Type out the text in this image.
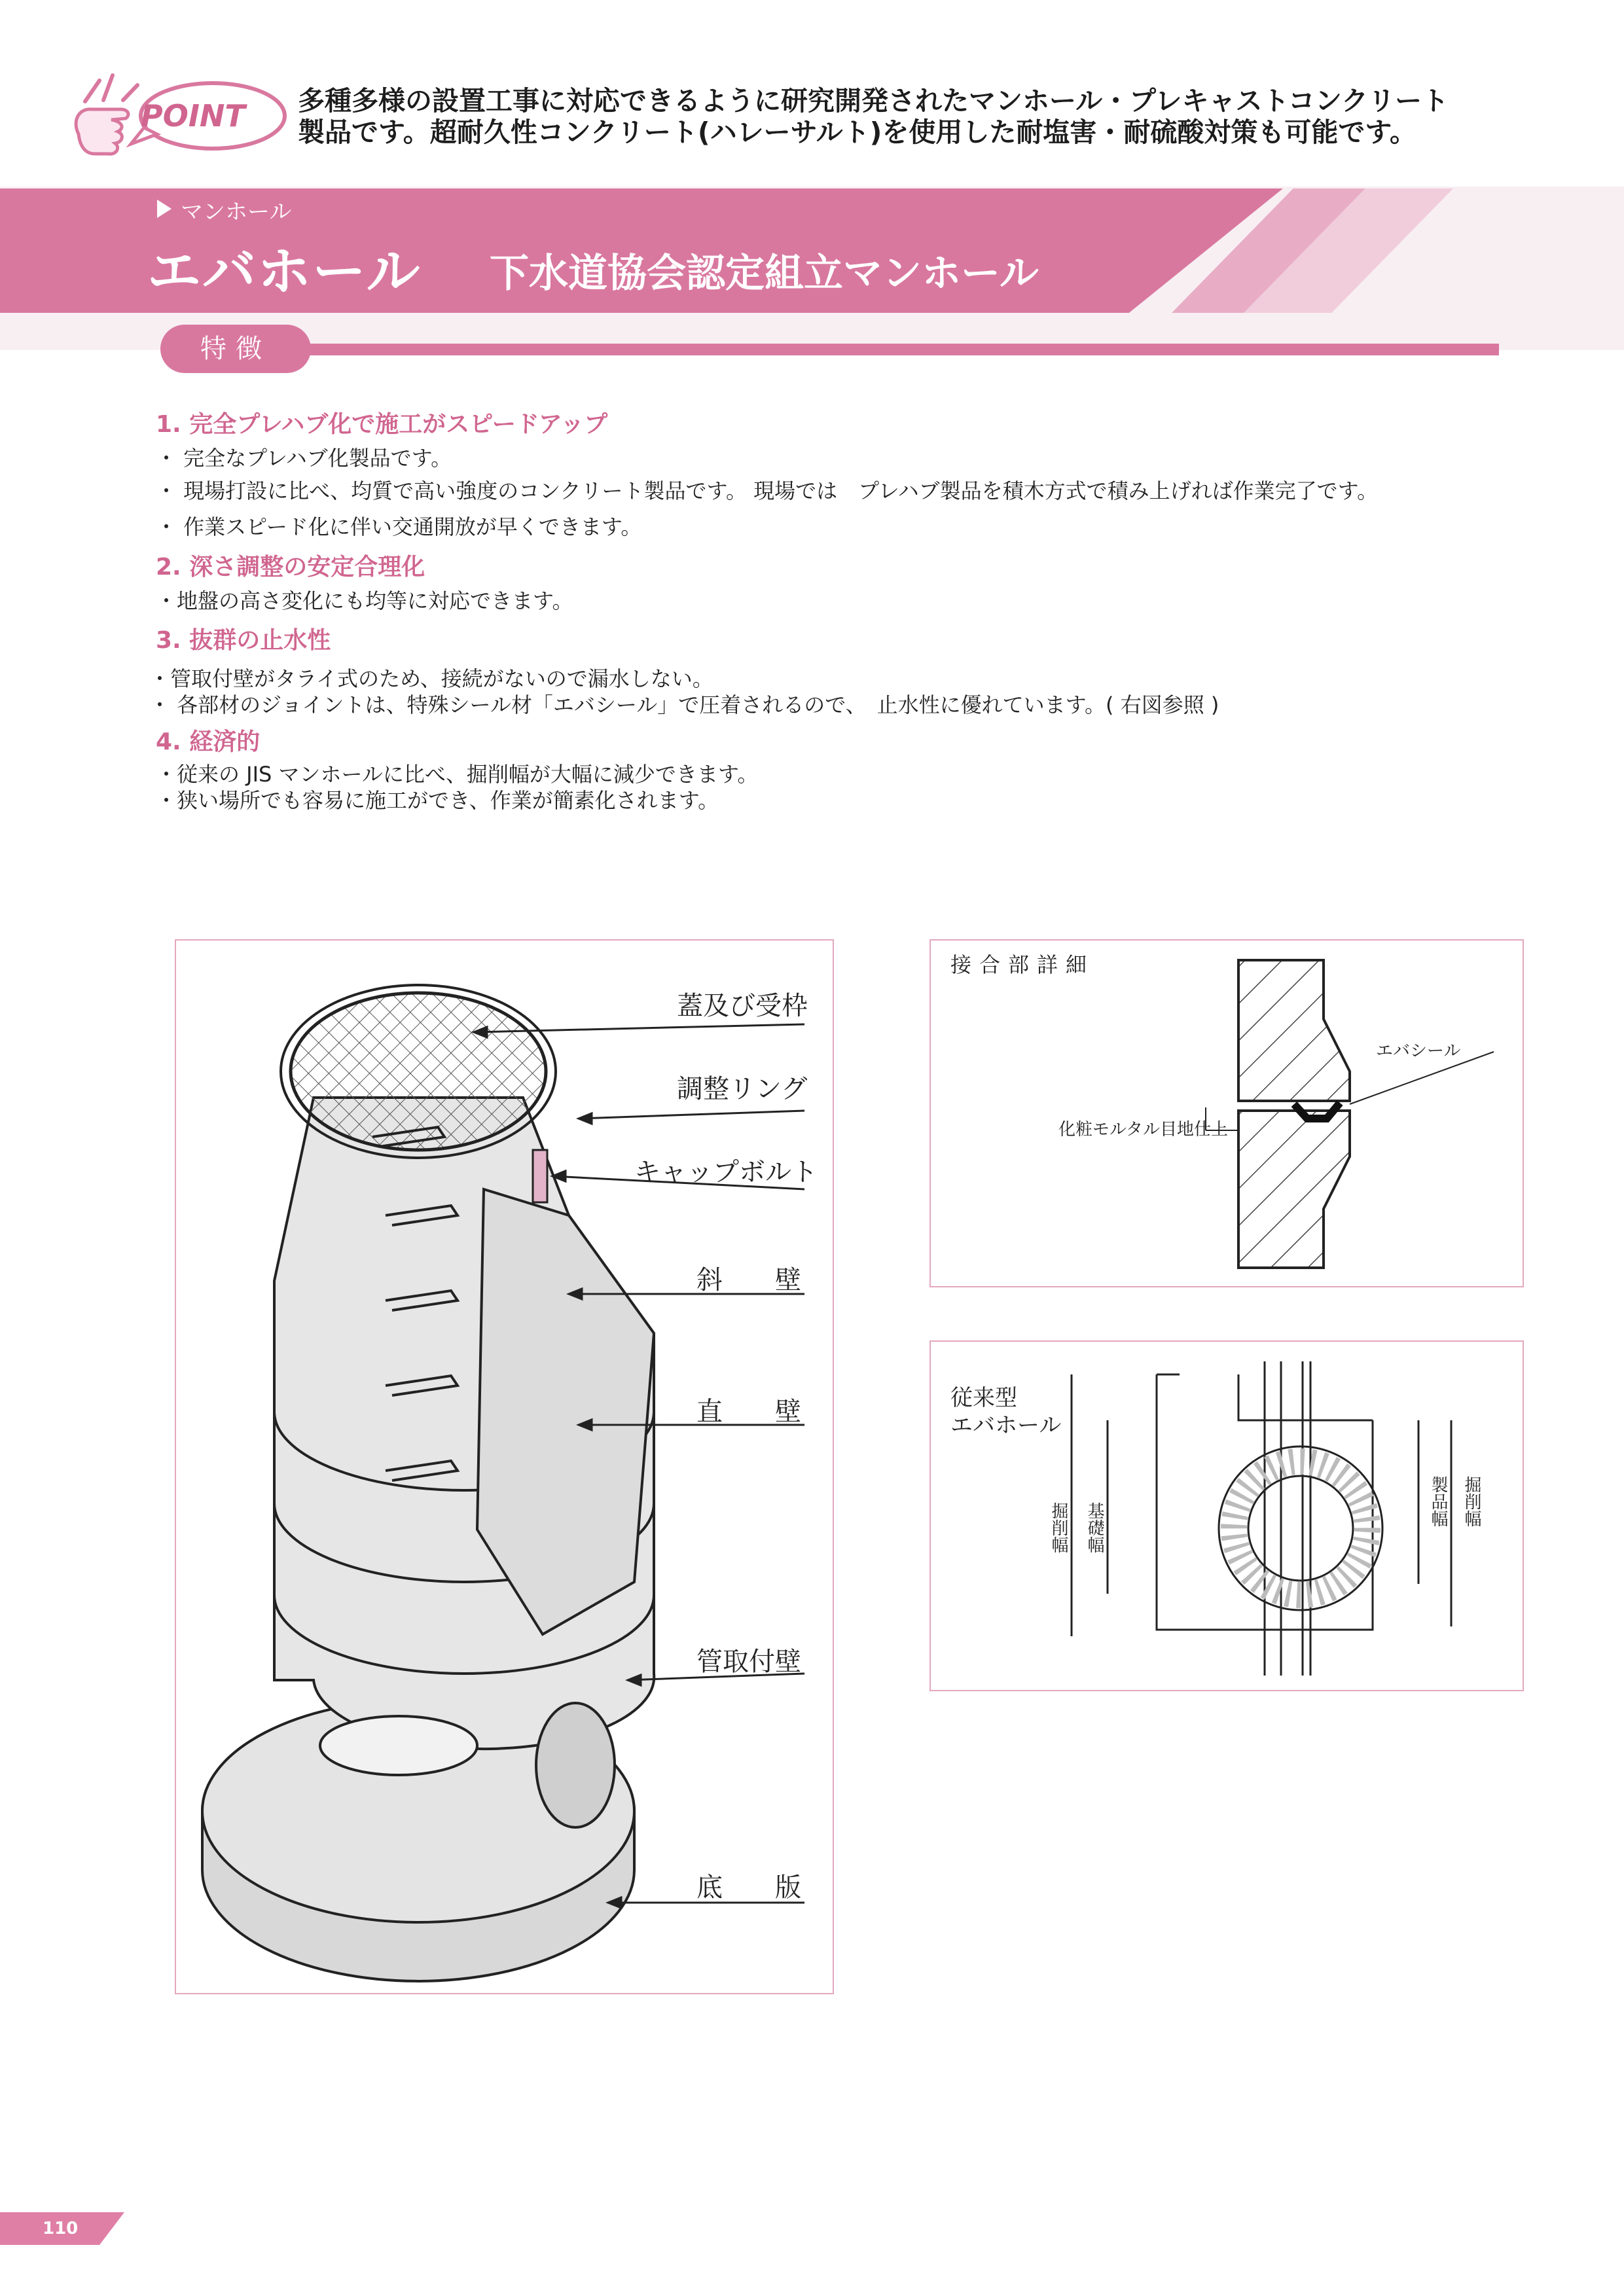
POINT 多種多様の設置工事に対応できるように研究開発されたマンホール・プレキャストコンクリート
製品です。超耐久性コンクリート(ハレーサルト)を使用した耐塩害・耐硫酸対策も可能です。
マンホール
エバホール 下水道協会認定組立マンホール
特徴
1. 完全プレハブ化で施工がスピードアップ
・ 完全なプレハブ化製品です。
・ 現場打設に比べ、均質で高い強度のコンクリート製品です。 現場では　プレハブ製品を積木方式で積み上げれば作業完了です。
・ 作業スピード化に伴い交通開放が早くできます。
2. 深さ調整の安定合理化
・地盤の高さ変化にも均等に対応できます。
3. 抜群の止水性
・管取付壁がタライ式のため、接続がないので漏水しない。
・ 各部材のジョイントは、特殊シール材「エバシール」で圧着されるので、　止水性に優れています。( 右図参照 )
4. 経済的
・従来の JIS マンホールに比べ、掘削幅が大幅に減少できます。
・狭い場所でも容易に施工ができ、作業が簡素化されます。
蓋及び受枠
調整リング
キャップボルト
斜　　壁
直　　壁
管取付壁
底　　版
接合部詳細
エバシール
化粧モルタル目地仕上
従来型
エバホール
掘削幅 基礎幅
製品幅 掘削幅
110
